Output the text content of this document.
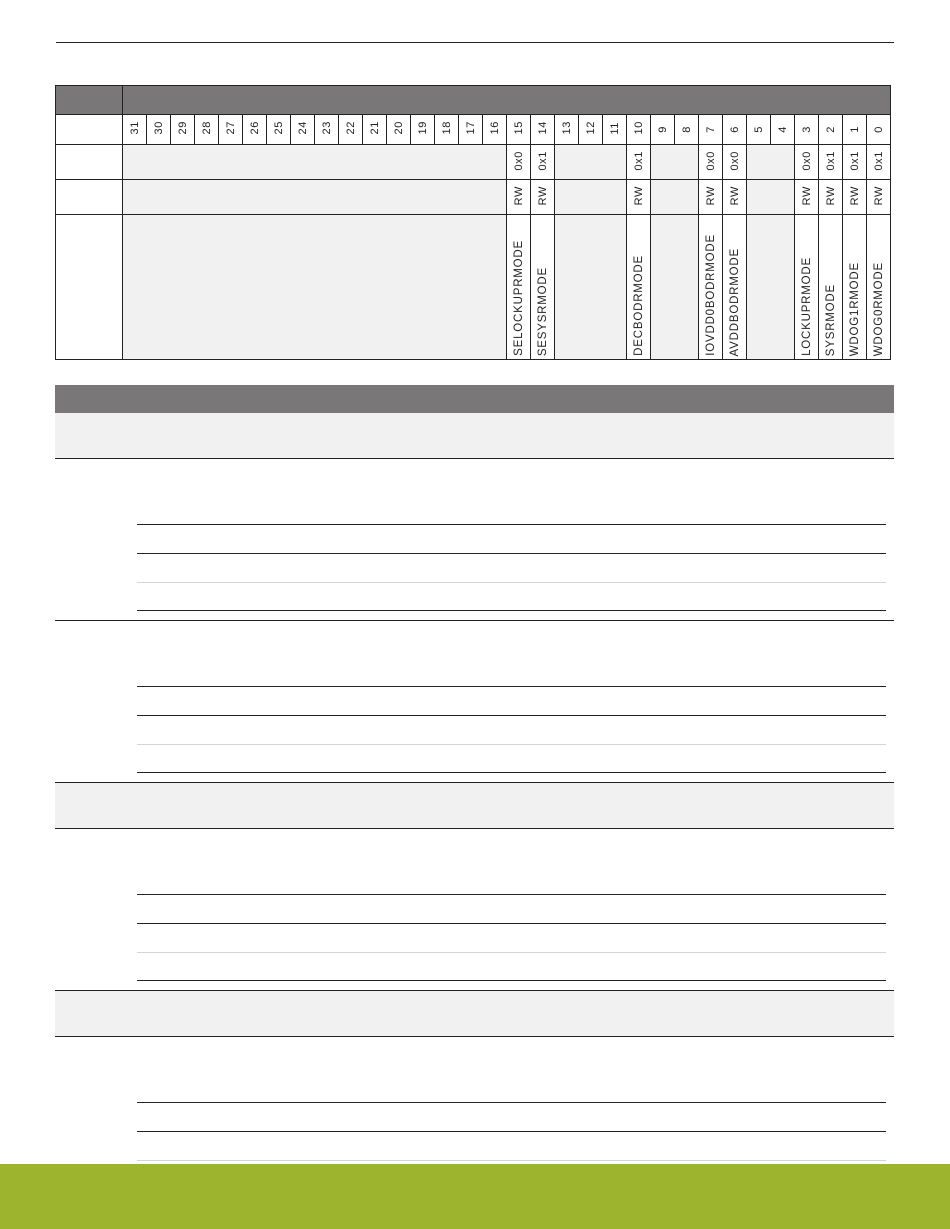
	31	30	29	28	27	26	25	24	23	22	21	20	19	18	17	16	15	14	13	12	11	10	9	8	7	6	5	4	3	2	1	0
																	0x0	0x1				0x1			0x0	0x0			0x0	0x1	0x1	0x1
																	RW	RW				RW			RW	RW			RW	RW	RW	RW
																	SELOCKUPRMODE	SESYSRMODE				DECBODRMODE			IOVDD0BODRMODE	AVDDBODRMODE			LOCKUPRMODE	SYSRMODE	WDOG1RMODE	WDOG0RMODE
